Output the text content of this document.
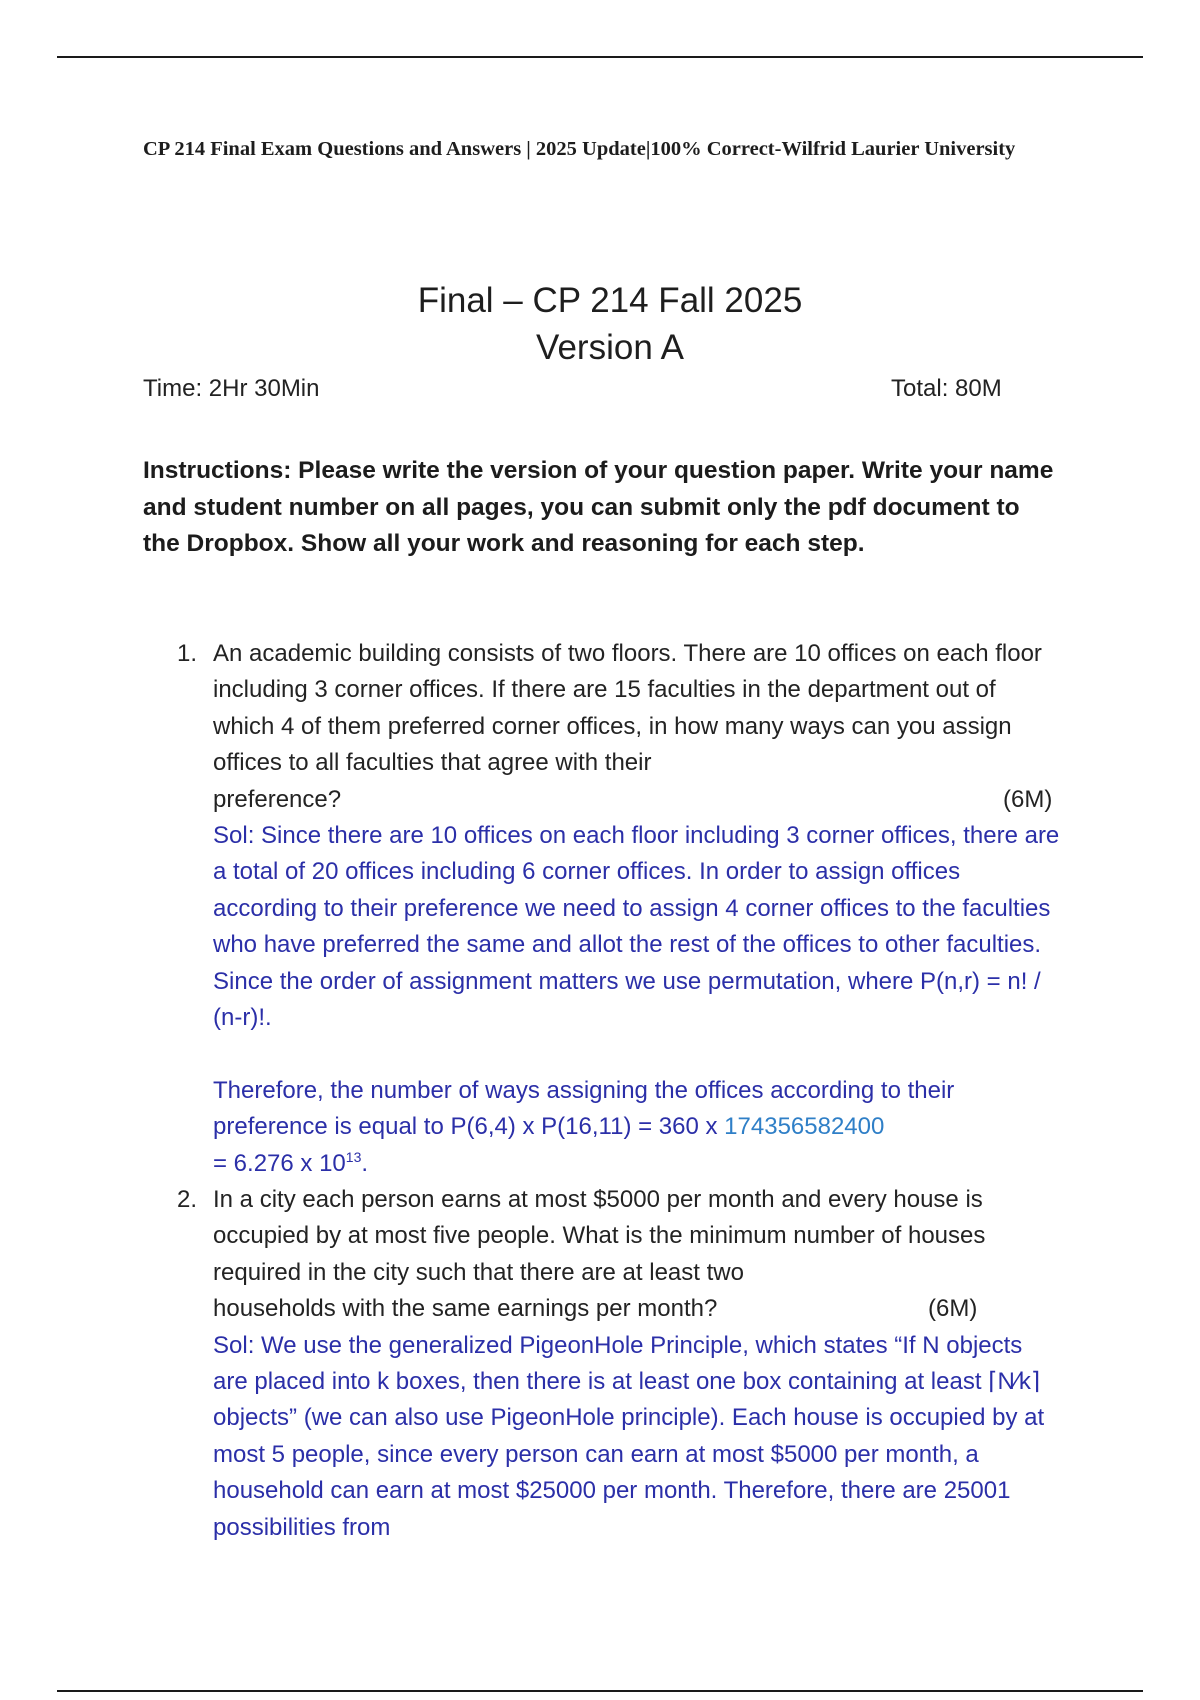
CP 214 Final Exam Questions and Answers | 2025 Update|100% Correct-Wilfrid Laurier University

Final – CP 214 Fall 2025
Version A
Time: 2Hr 30Min	Total: 80M

Instructions: Please write the version of your question paper. Write your name and student number on all pages, you can submit only the pdf document to the Dropbox. Show all your work and reasoning for each step.

1. An academic building consists of two floors. There are 10 offices on each floor including 3 corner offices. If there are 15 faculties in the department out of which 4 of them preferred corner offices, in how many ways can you assign offices to all faculties that agree with their
preference?	(6M)
Sol: Since there are 10 offices on each floor including 3 corner offices, there are a total of 20 offices including 6 corner offices. In order to assign offices according to their preference we need to assign 4 corner offices to the faculties who have preferred the same and allot the rest of the offices to other faculties. Since the order of assignment matters we use permutation, where P(n,r) = n! / (n-r)!.
Therefore, the number of ways assigning the offices according to their preference is equal to P(6,4) x P(16,11) = 360 x 174356582400
= 6.276 x $10^{13}$.
2. In a city each person earns at most $5000 per month and every house is occupied by at most five people. What is the minimum number of houses required in the city such that there are at least two
households with the same earnings per month?	(6M)
Sol: We use the generalized PigeonHole Principle, which states “If N objects are placed into k boxes, then there is at least one box containing at least ⌈N∕k⌉ objects” (we can also use PigeonHole principle). Each house is occupied by at most 5 people, since every person can earn at most $5000 per month, a household can earn at most $25000 per month. Therefore, there are 25001 possibilities from
